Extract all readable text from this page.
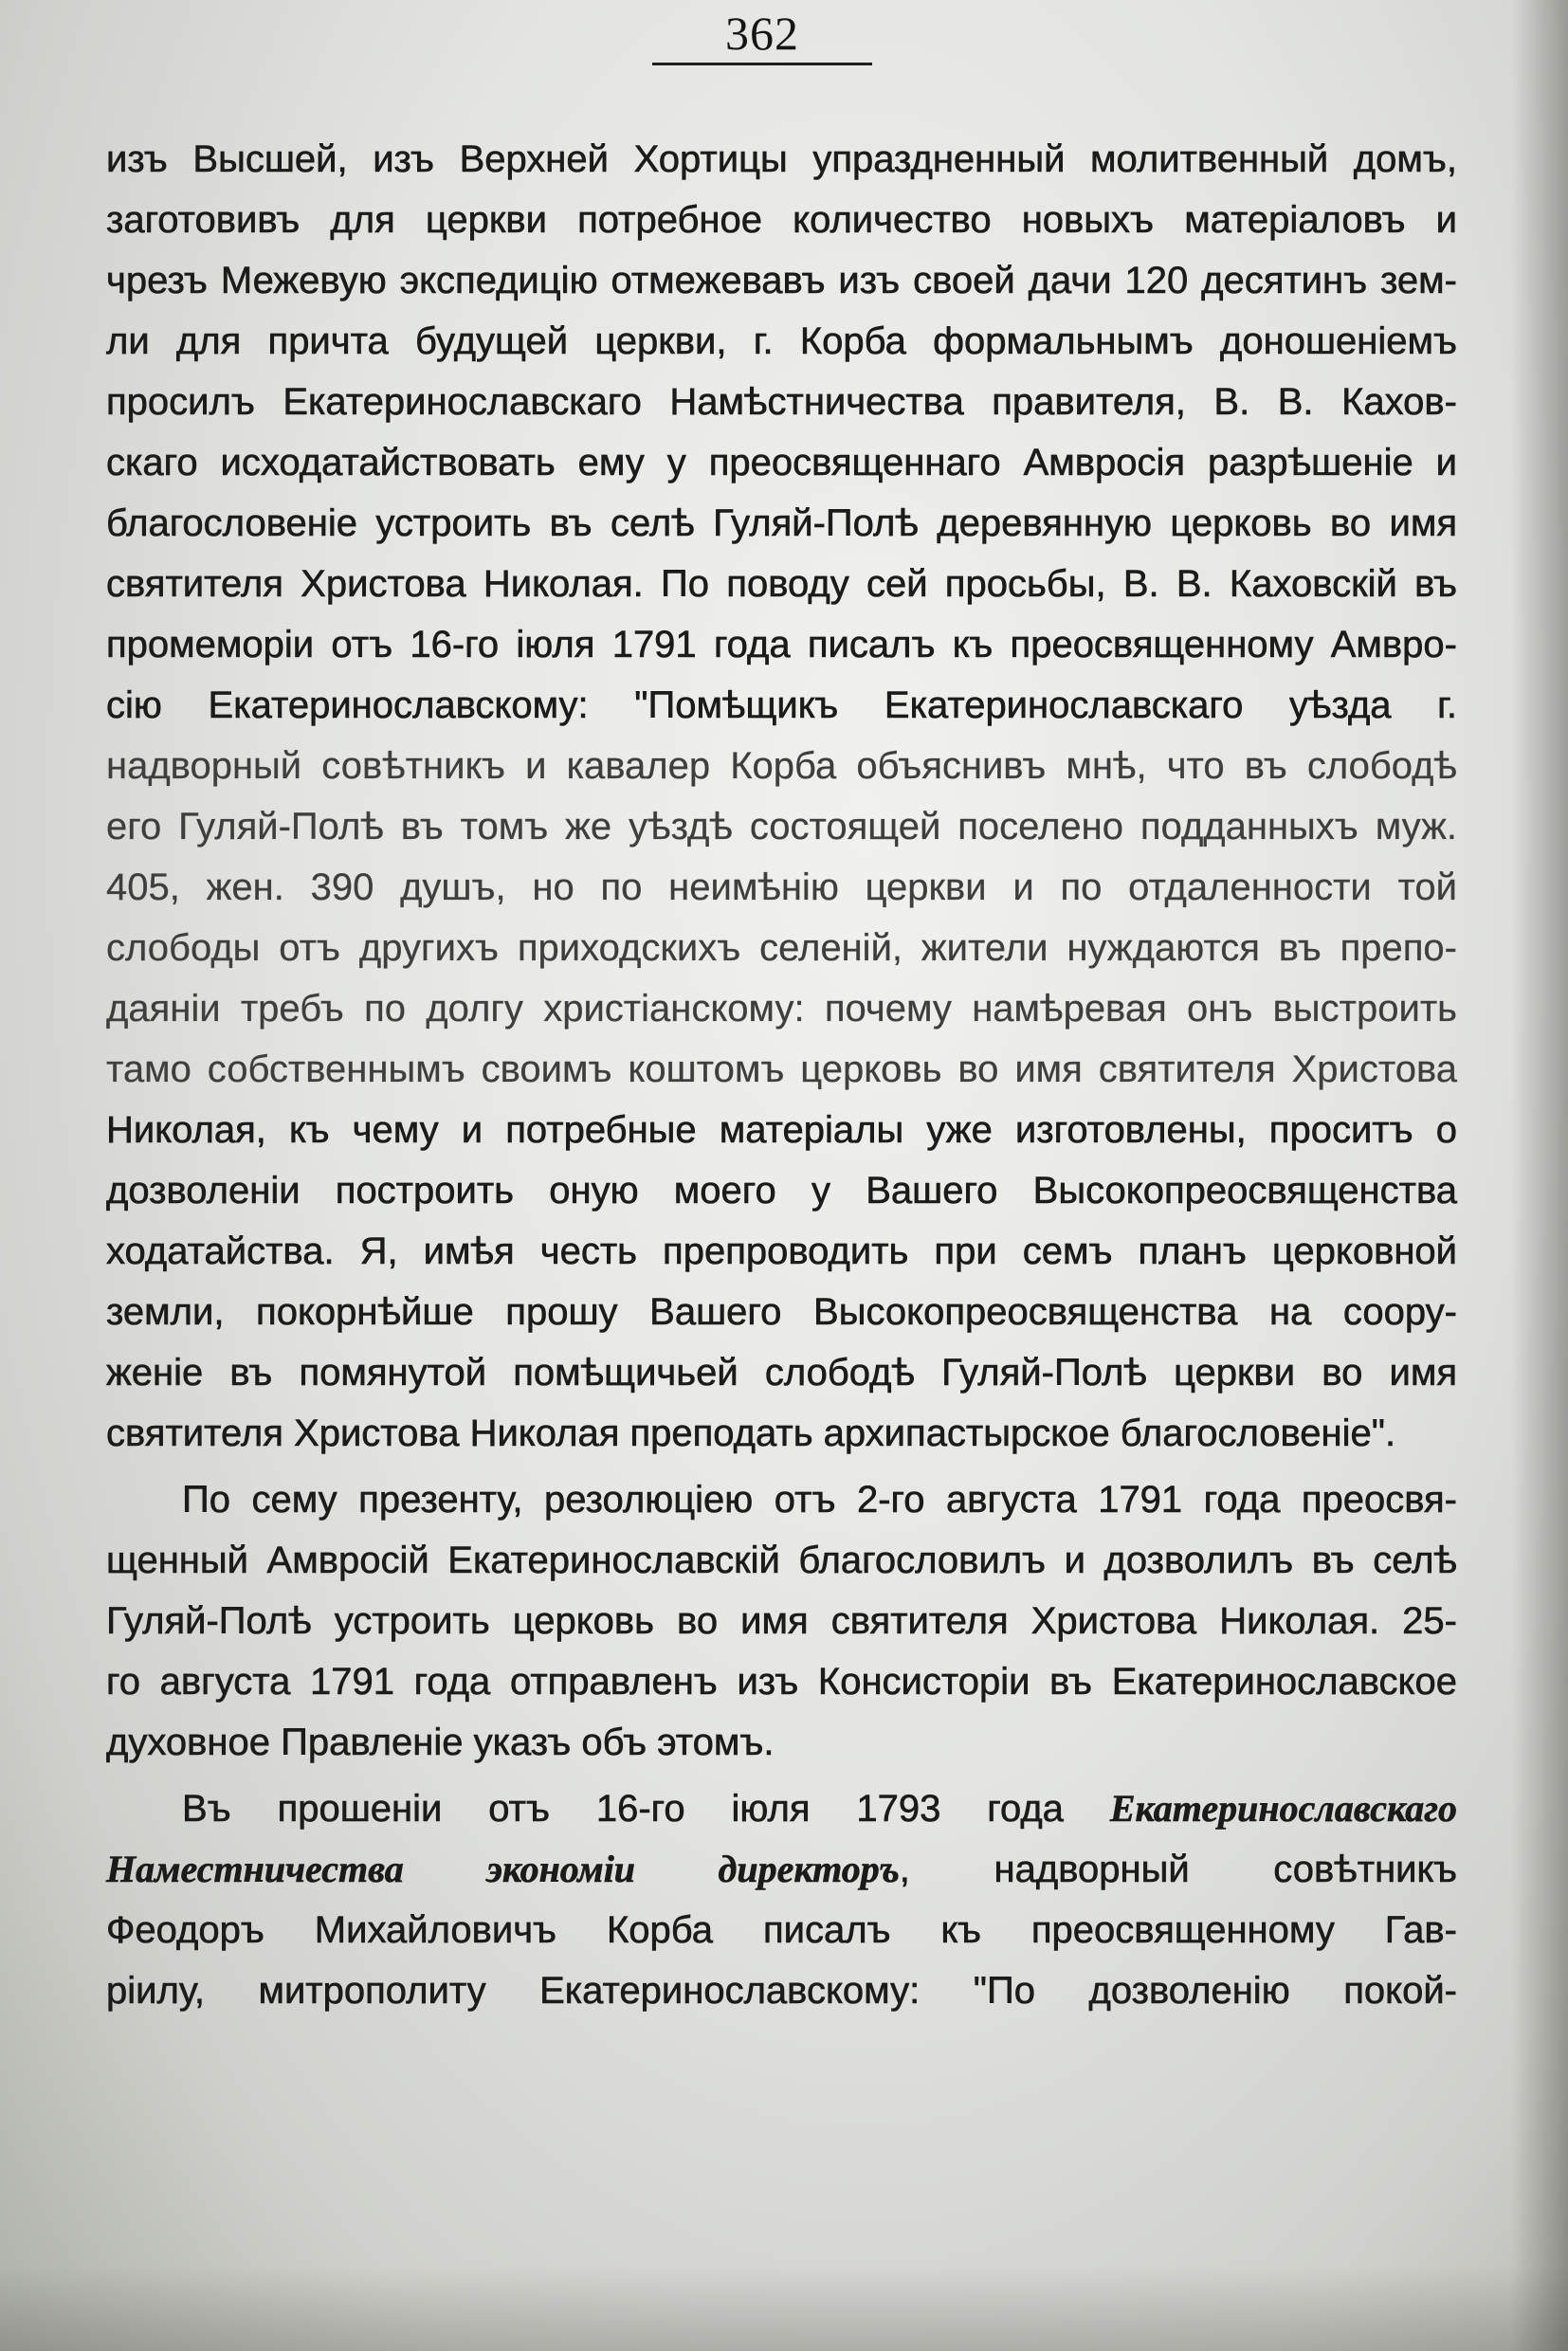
362
изъ Высшей, изъ Верхней Хортицы упраздненный молитвенный домъ,
заготовивъ для церкви потребное количество новыхъ матеріаловъ и
чрезъ Межевую экспедицію отмежевавъ изъ своей дачи 120 десятинъ зем-
ли для причта будущей церкви, г. Корба формальнымъ доношеніемъ
просилъ Екатеринославскаго Намѣстничества правителя, В. В. Кахов-
скаго исходатайствовать ему у преосвященнаго Амвросія разрѣшеніе и
благословеніе устроить въ селѣ Гуляй-Полѣ деревянную церковь во имя
святителя Христова Николая. По поводу сей просьбы, В. В. Каховскій въ
промеморіи отъ 16-го іюля 1791 года писалъ къ преосвященному Амвро-
сію Екатеринославскому: "Помѣщикъ Екатеринославскаго уѣзда г.
надворный совѣтникъ и кавалер Корба объяснивъ мнѣ, что въ слободѣ
его Гуляй-Полѣ въ томъ же уѣздѣ состоящей поселено подданныхъ муж.
405, жен. 390 душъ, но по неимѣнію церкви и по отдаленности той
слободы отъ другихъ приходскихъ селеній, жители нуждаются въ препо-
даяніи требъ по долгу христіанскому: почему намѣревая онъ выстроить
тамо собственнымъ своимъ коштомъ церковь во имя святителя Христова
Николая, къ чему и потребные матеріалы уже изготовлены, проситъ о
дозволеніи построить оную моего у Вашего Высокопреосвященства
ходатайства. Я, имѣя честь препроводить при семъ планъ церковной
земли, покорнѣйше прошу Вашего Высокопреосвященства на соору-
женіе въ помянутой помѣщичьей слободѣ Гуляй-Полѣ церкви во имя
святителя Христова Николая преподать архипастырское благословеніе".
По сему презенту, резолюціею отъ 2-го августа 1791 года преосвя-
щенный Амвросій Екатеринославскій благословилъ и дозволилъ въ селѣ
Гуляй-Полѣ устроить церковь во имя святителя Христова Николая. 25-
го августа 1791 года отправленъ изъ Консисторіи въ Екатеринославское
духовное Правленіе указъ объ этомъ.
Въ прошеніи отъ 16-го іюля 1793 года Екатеринославскаго
Наместничества экономіи директоръ, надворный совѣтникъ
Феодоръ Михайловичъ Корба писалъ къ преосвященному Гав-
ріилу, митрополиту Екатеринославскому: "По дозволенію покой-
